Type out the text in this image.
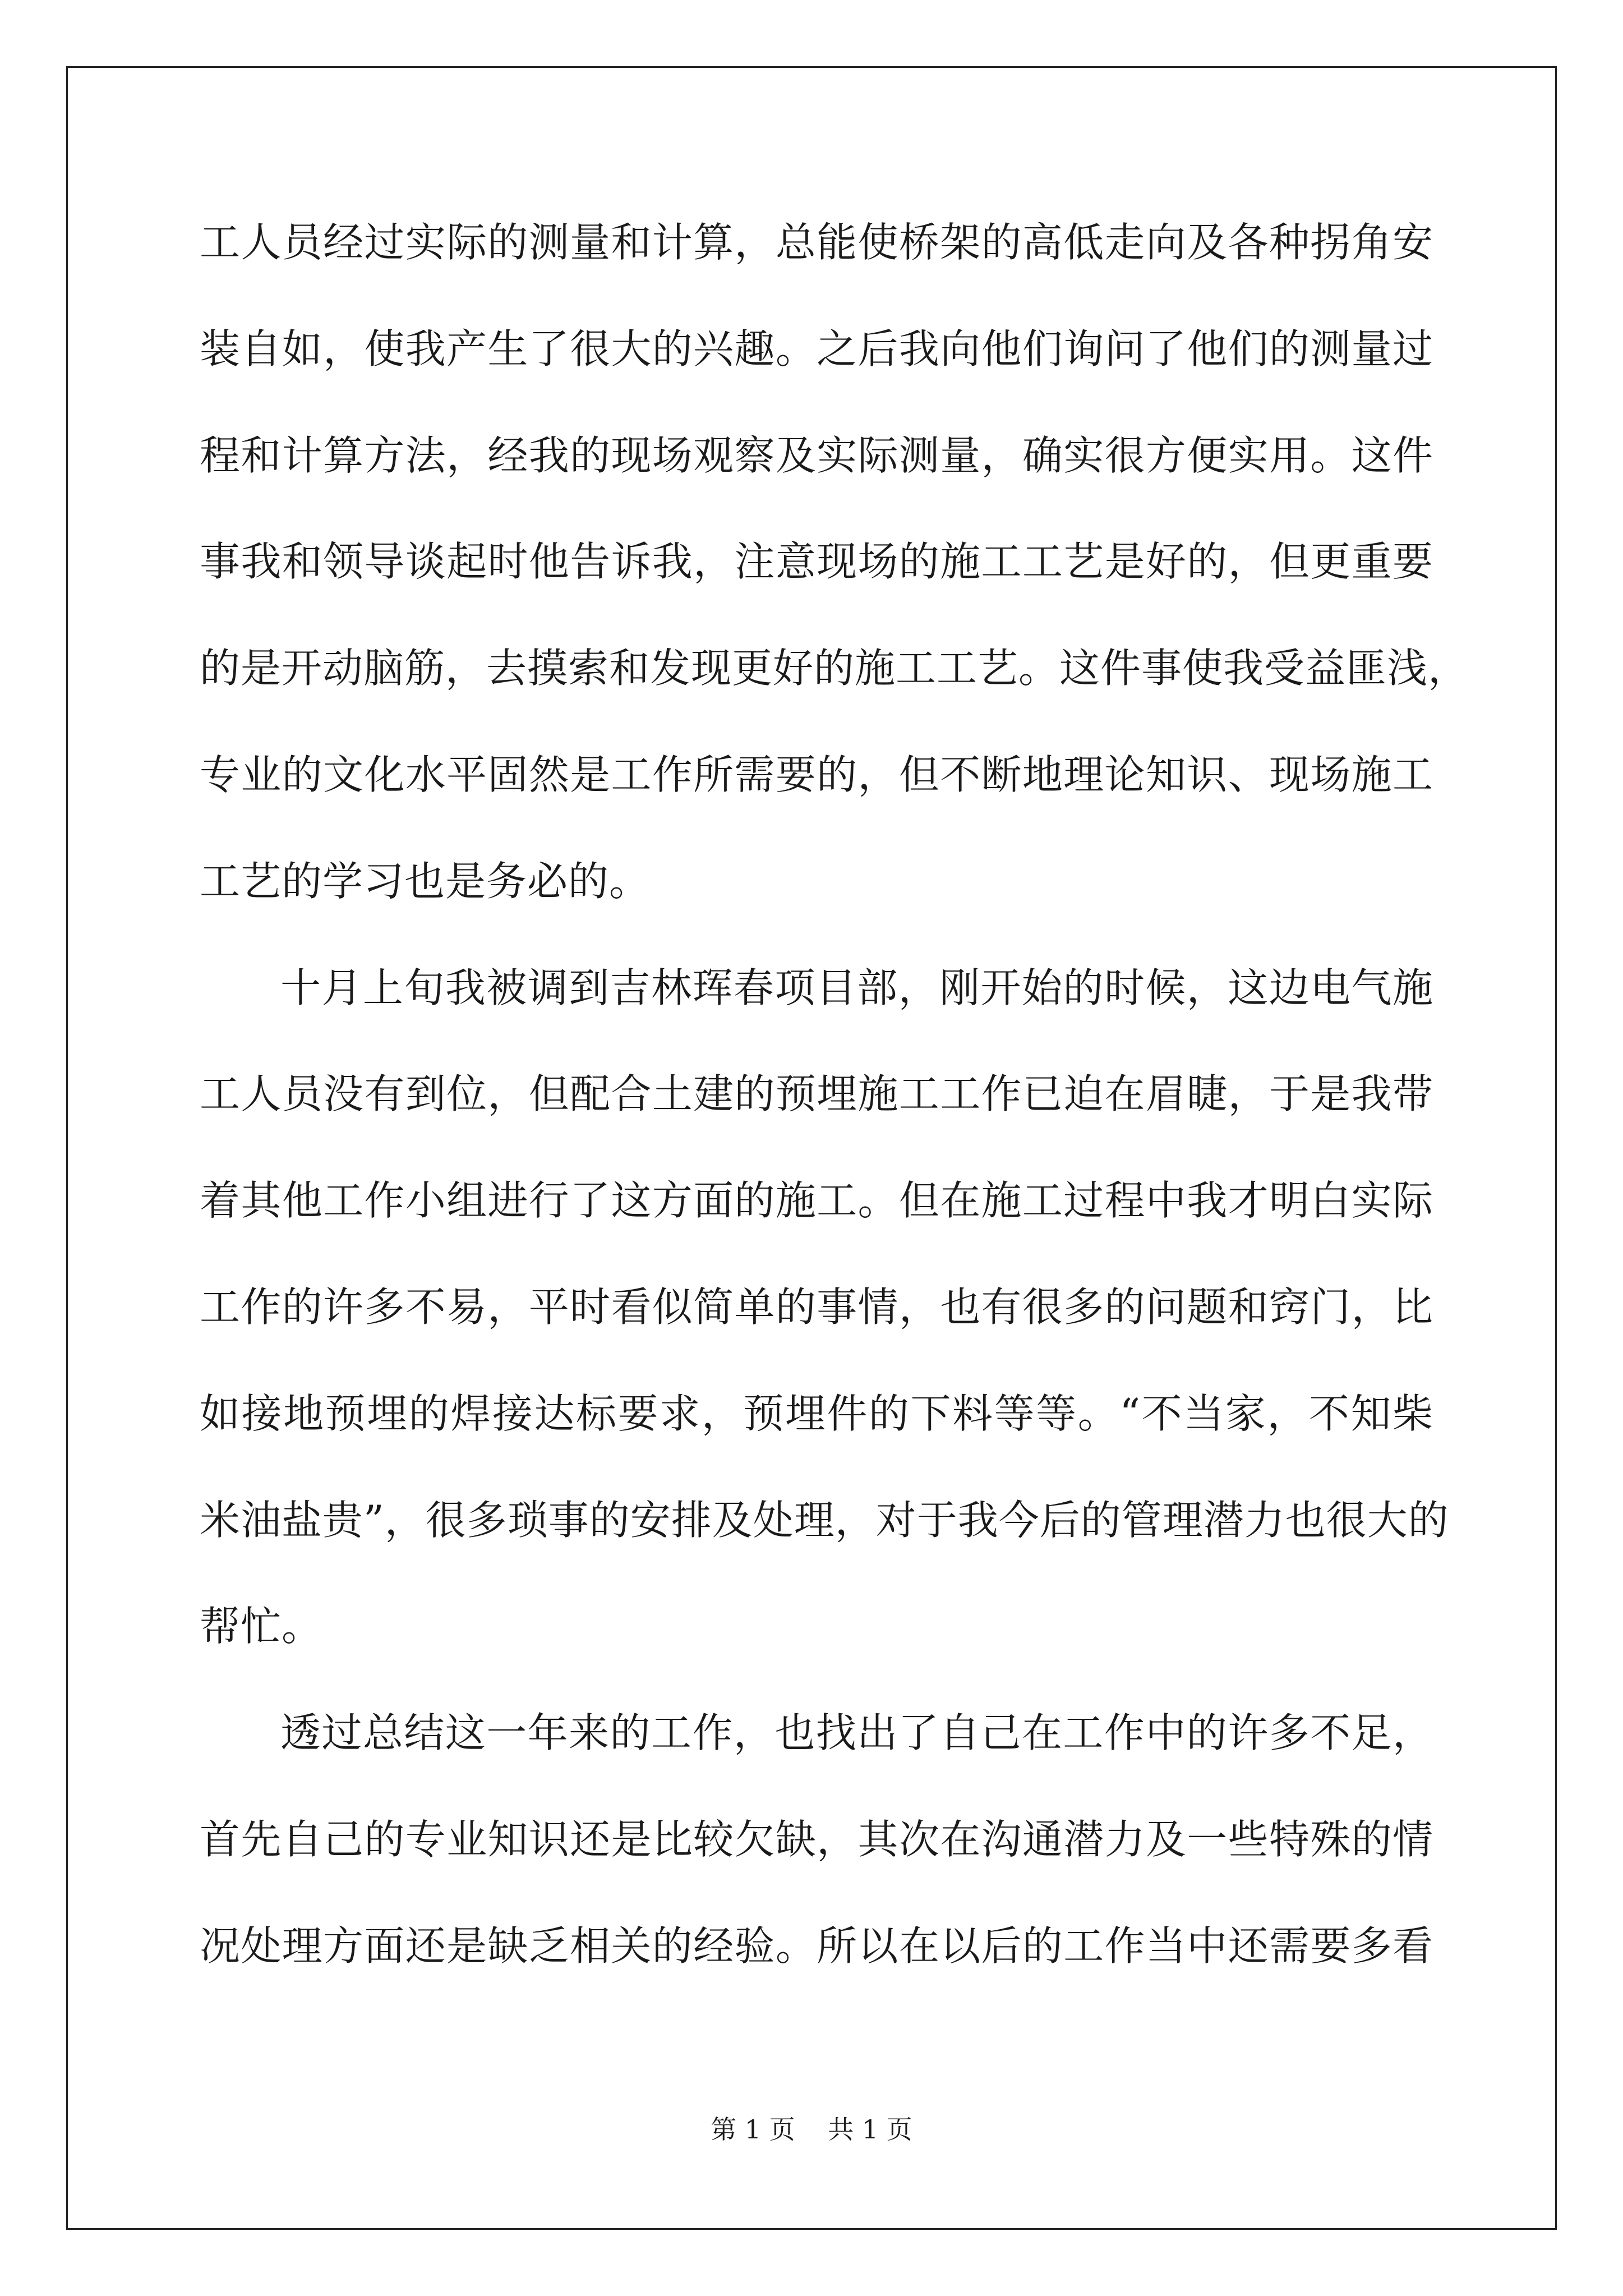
工人员经过实际的测量和计算，总能使桥架的高低走向及各种拐角安
装自如，使我产生了很大的兴趣。之后我向他们询问了他们的测量过
程和计算方法，经我的现场观察及实际测量，确实很方便实用。这件
事我和领导谈起时他告诉我，注意现场的施工工艺是好的，但更重要
的是开动脑筋，去摸索和发现更好的施工工艺。这件事使我受益匪浅，
专业的文化水平固然是工作所需要的，但不断地理论知识、现场施工
工艺的学习也是务必的。
十月上旬我被调到吉林珲春项目部，刚开始的时候，这边电气施
工人员没有到位，但配合土建的预埋施工工作已迫在眉睫，于是我带
着其他工作小组进行了这方面的施工。但在施工过程中我才明白实际
工作的许多不易，平时看似简单的事情，也有很多的问题和窍门，比
如接地预埋的焊接达标要求，预埋件的下料等等。“不当家，不知柴
米油盐贵”，很多琐事的安排及处理，对于我今后的管理潜力也很大的
帮忙。
透过总结这一年来的工作，也找出了自己在工作中的许多不足，
首先自己的专业知识还是比较欠缺，其次在沟通潜力及一些特殊的情
况处理方面还是缺乏相关的经验。所以在以后的工作当中还需要多看
第 1 页    共 1 页
